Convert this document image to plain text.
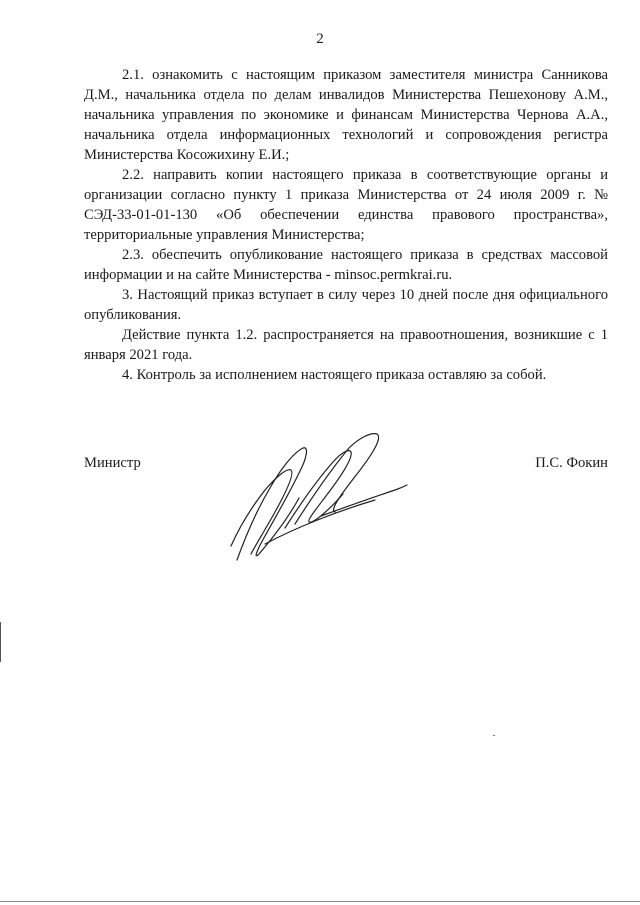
2

2.1. ознакомить с настоящим приказом заместителя министра Санникова Д.М., начальника отдела по делам инвалидов Министерства Пешехонову А.М., начальника управления по экономике и финансам Министерства Чернова А.А., начальника отдела информационных технологий и сопровождения регистра Министерства Косожихину Е.И.;

2.2. направить копии настоящего приказа в соответствующие органы и организации согласно пункту 1 приказа Министерства от 24 июля 2009 г. № СЭД-33-01-01-130 «Об обеспечении единства правового пространства», территориальные управления Министерства;

2.3. обеспечить опубликование настоящего приказа в средствах массовой информации и на сайте Министерства - minsoc.permkrai.ru.

3. Настоящий приказ вступает в силу через 10 дней после дня официального опубликования.

Действие пункта 1.2. распространяется на правоотношения, возникшие с 1 января 2021 года.

4. Контроль за исполнением настоящего приказа оставляю за собой.

Министр	П.С. Фокин
